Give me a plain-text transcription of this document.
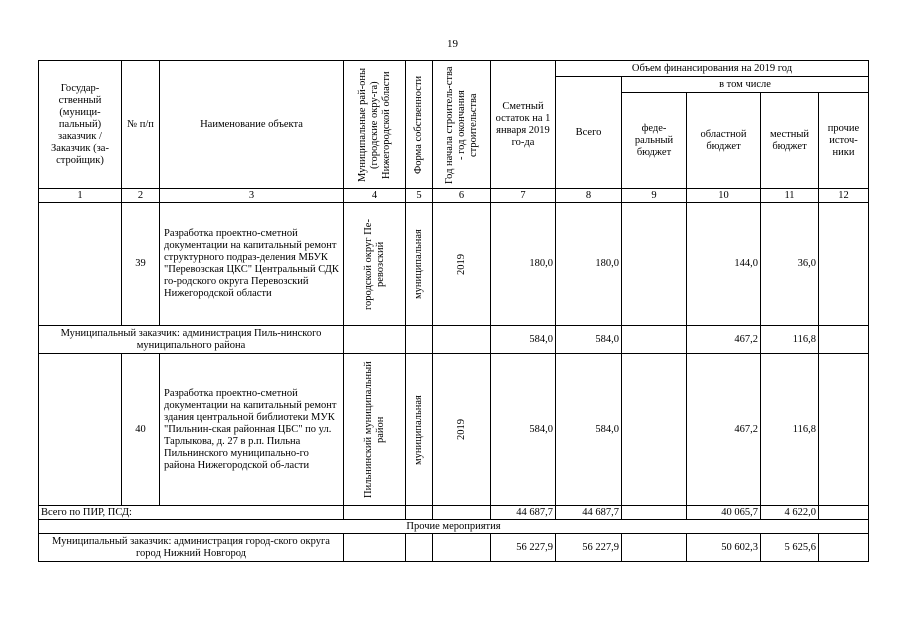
19
Государ-ственный (муници-пальный) заказчик / Заказчик (за-стройщик)	№ п/п	Наименование объекта	Муниципальные рай-оны (городские окру-га) Нижегородской области	Форма собственности	Год начала строитель-ства - год окончания строительства	Сметный остаток на 1 января 2019 го-да	Объем финансирования на 2019 год				
							Всего	в том числе			
								феде-ральный бюджет	областной бюджет	местный бюджет	прочие источ-ники
1	2	3	4	5	6	7	8	9	10	11	12
	39	Разработка проектно-сметной документации на капитальный ремонт структурного подраз-деления МБУК "Перевозская ЦКС" Центральный СДК го-родского округа Перевозский Нижегородской области	городской округ Пе-ревозский	муниципальная	2019	180,0	180,0		144,0	36,0	
Муниципальный заказчик: администрация Пиль-нинского муниципального района						584,0	584,0		467,2	116,8	
	40	Разработка проектно-сметной документации на капитальный ремонт здания центральной библиотеки МУК "Пильнин-ская районная ЦБС" по ул. Тарлыкова, д. 27 в р.п. Пильна Пильнинского муниципально-го района Нижегородской об-ласти	Пильнинский муниципальный район	муниципальная	2019	584,0	584,0		467,2	116,8	
Всего по ПИР, ПСД:						44 687,7	44 687,7		40 065,7	4 622,0	
Прочие мероприятия											
Муниципальный заказчик: администрация город-ского округа город Нижний Новгород						56 227,9	56 227,9		50 602,3	5 625,6	
